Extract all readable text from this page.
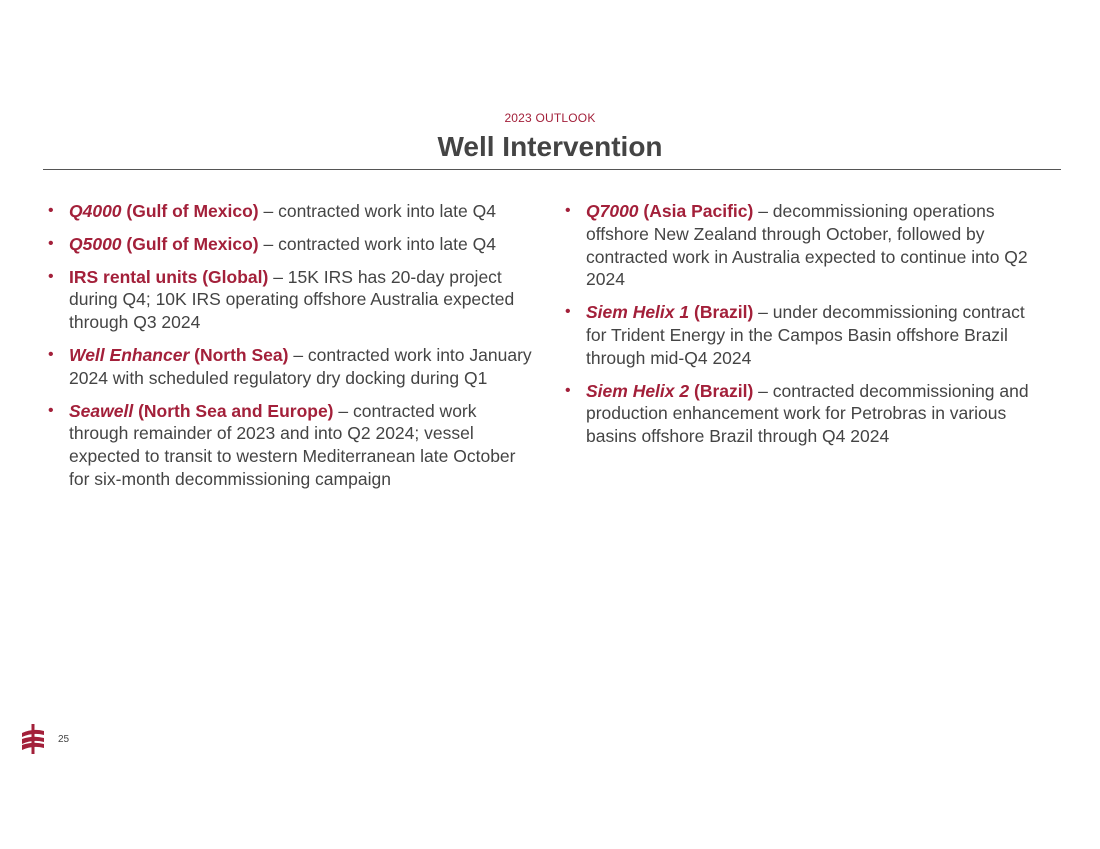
2023 OUTLOOK
Well Intervention
• Q4000 (Gulf of Mexico) – contracted work into late Q4
• Q5000 (Gulf of Mexico) – contracted work into late Q4
• IRS rental units (Global) – 15K IRS has 20-day project during Q4; 10K IRS operating offshore Australia expected through Q3 2024
• Well Enhancer (North Sea) – contracted work into January 2024 with scheduled regulatory dry docking during Q1
• Seawell (North Sea and Europe) – contracted work through remainder of 2023 and into Q2 2024; vessel expected to transit to western Mediterranean late October for six-month decommissioning campaign
• Q7000 (Asia Pacific) – decommissioning operations offshore New Zealand through October, followed by contracted work in Australia expected to continue into Q2 2024
• Siem Helix 1 (Brazil) – under decommissioning contract for Trident Energy in the Campos Basin offshore Brazil through mid-Q4 2024
• Siem Helix 2 (Brazil) – contracted decommissioning and production enhancement work for Petrobras in various basins offshore Brazil through Q4 2024
25
